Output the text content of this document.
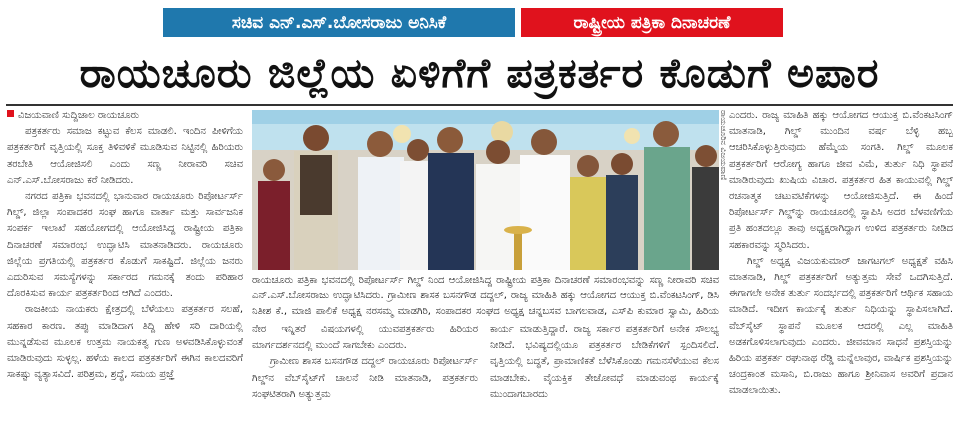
ಸಚಿವ ಎನ್.ಎಸ್.ಬೋಸರಾಜು ಅನಿಸಿಕೆ	ರಾಷ್ಟ್ರೀಯ ಪತ್ರಿಕಾ ದಿನಾಚರಣೆ
ರಾಯಚೂರು ಜಿಲ್ಲೆಯ ಏಳಿಗೆಗೆ ಪತ್ರಕರ್ತರ ಕೊಡುಗೆ ಅಪಾರ

ವಿಜಯವಾಣಿ ಸುದ್ದಿಜಾಲ ರಾಯಚೂರು

ಪತ್ರಕರ್ತರು ಸಮಾಜ ಕಟ್ಟುವ ಕೆಲಸ ಮಾಡಲಿ. ಇಂದಿನ ಪೀಳಿಗೆಯ ಪತ್ರಕರ್ತರಿಗೆ ವೃತ್ತಿಯಲ್ಲಿ ಸೂಕ್ತ ತಿಳಿವಳಿಕೆ ಮೂಡಿಸುವ ನಿಟ್ಟಿನಲ್ಲಿ ಹಿರಿಯರು ತರಬೇತಿ ಆಯೋಜಿಸಲಿ ಎಂದು ಸಣ್ಣ ನೀರಾವರಿ ಸಚಿವ ಎನ್.ಎಸ್.ಬೋಸರಾಜು ಕರೆ ನೀಡಿದರು.

ನಗರದ ಪತ್ರಿಕಾ ಭವನದಲ್ಲಿ ಭಾನುವಾರ ರಾಯಚೂರು ರಿಪೋರ್ಟರ್ಸ್ ಗಿಲ್ಡ್, ಜಿಲ್ಲಾ ಸಂಪಾದಕರ ಸಂಘ ಹಾಗೂ ವಾರ್ತಾ ಮತ್ತು ಸಾರ್ವಜನಿಕ ಸಂಪರ್ಕ ಇಲಾಖೆ ಸಹಯೋಗದಲ್ಲಿ ಆಯೋಜಿಸಿದ್ದ ರಾಷ್ಟ್ರೀಯ ಪತ್ರಿಕಾ ದಿನಾಚರಣೆ ಸಮಾರಂಭ ಉದ್ಘಾಟಿಸಿ ಮಾತನಾಡಿದರು. ರಾಯಚೂರು ಜಿಲ್ಲೆಯ ಪ್ರಗತಿಯಲ್ಲಿ ಪತ್ರಕರ್ತರ ಕೊಡುಗೆ ಸಾಕಷ್ಟಿದೆ. ಜಿಲ್ಲೆಯ ಜನರು ಎದುರಿಸುವ ಸಮಸ್ಯೆಗಳನ್ನು ಸರ್ಕಾರದ ಗಮನಕ್ಕೆ ತಂದು ಪರಿಹಾರ ದೊರಕಿಸುವ ಕಾರ್ಯ ಪತ್ರಕರ್ತರಿಂದ ಆಗಿದೆ ಎಂದರು.

ರಾಜಕೀಯ ನಾಯಕರು ಕ್ಷೇತ್ರದಲ್ಲಿ ಬೆಳೆಯಲು ಪತ್ರಕರ್ತರ ಸಲಹೆ, ಸಹಕಾರ ಕಾರಣ. ತಪ್ಪು ಮಾಡಿದಾಗ ತಿದ್ದಿ ಹೇಳಿ ಸರಿ ದಾರಿಯಲ್ಲಿ ಮುನ್ನಡೆಸುವ ಮೂಲಕ ಉತ್ತಮ ನಾಯಕತ್ವ ಗುಣ ಅಳವಡಿಸಿಕೊಳ್ಳುವಂತೆ ಮಾಡಿರುವುದು ಸುಳ್ಳಲ್ಲ. ಹಳೆಯ ಕಾಲದ ಪತ್ರಕರ್ತರಿಗೆ ಈಗಿನ ಕಾಲದವರಿಗೆ ಸಾಕಷ್ಟು ವ್ಯತ್ಯಾಸವಿದೆ. ಪರಿಶ್ರಮ, ಶ್ರದ್ಧೆ, ಸಮಯ ಪ್ರಜ್ಞೆ

ರಾಯಚೂರಿನ ವಿಜಯವಾಣಿ
ರಾಯಚೂರು ಪತ್ರಿಕಾ ಭವನದಲ್ಲಿ ರಿಪೋರ್ಟರ್ಸ್ ಗಿಲ್ಡ್ ನಿಂದ ಆಯೋಜಿಸಿದ್ದ ರಾಷ್ಟ್ರೀಯ ಪತ್ರಿಕಾ ದಿನಾಚರಣೆ ಸಮಾರಂಭವನ್ನು ಸಣ್ಣ ನೀರಾವರಿ ಸಚಿವ ಎನ್.ಎಸ್.ಬೋಸರಾಜು ಉದ್ಘಾಟಿಸಿದರು. ಗ್ರಾಮೀಣ ಶಾಸಕ ಬಸನಗೌಡ ದದ್ದಲ್, ರಾಜ್ಯ ಮಾಹಿತಿ ಹಕ್ಕು ಆಯೋಗದ ಆಯುಕ್ತ ಬಿ.ವೆಂಕಟಸಿಂಗ್, ಡಿಸಿ ನಿತೀಶ ಕೆ., ಮಾಜಿ ಪಾಲಿಕೆ ಅಧ್ಯಕ್ಷ ನರಸಮ್ಮ ಮಾಡಗಿರಿ, ಸಂಪಾದಕರ ಸಂಘದ ಅಧ್ಯಕ್ಷ ಚನ್ನಬಸವ ಬಾಗಲವಾಡ, ಎಸ್‌ಪಿ ಕುಮಾರ ಸ್ವಾಮಿ, ಹಿರಿಯ

ನೇರ ಇನ್ನಿತರೆ ವಿಷಯಗಳಲ್ಲಿ ಯುವಪತ್ರಕರ್ತರು ಹಿರಿಯರ ಮಾರ್ಗದರ್ಶನದಲ್ಲಿ ಮುಂದೆ ಸಾಗಬೇಕು ಎಂದರು.

ಗ್ರಾಮೀಣ ಶಾಸಕ ಬಸನಗೌಡ ದದ್ದಲ್ ರಾಯಚೂರು ರಿಪೋರ್ಟರ್ಸ್ ಗಿಲ್ಡ್‌ನ ವೆಬ್‌ಸೈಟ್‌ಗೆ ಚಾಲನೆ ನೀಡಿ ಮಾತನಾಡಿ, ಪತ್ರಕರ್ತರು ಸಂಘಟಿತರಾಗಿ ಅತ್ಯುತ್ತಮ

ಕಾರ್ಯ ಮಾಡುತ್ತಿದ್ದಾರೆ. ರಾಜ್ಯ ಸರ್ಕಾರ ಪತ್ರಕರ್ತರಿಗೆ ಅನೇಕ ಸೌಲಭ್ಯ ನೀಡಿದೆ. ಭವಿಷ್ಯದಲ್ಲಿಯೂ ಪತ್ರಕರ್ತರ ಬೇಡಿಕೆಗಳಿಗೆ ಸ್ಪಂದಿಸಲಿದೆ. ವೃತ್ತಿಯಲ್ಲಿ ಬದ್ಧತೆ, ಪ್ರಾಮಾಣಿಕತೆ ಬೆಳೆಸಿಕೊಂಡು ಗಮನಸೆಳೆಯುವ ಕೆಲಸ ಮಾಡಬೇಕು. ವೈಯಕ್ತಿಕ ತೇಜೋವಧೆ ಮಾಡುವಂಥ ಕಾರ್ಯಕ್ಕೆ ಮುಂದಾಗಬಾರದು

ಎಂದರು. ರಾಜ್ಯ ಮಾಹಿತಿ ಹಕ್ಕು ಆಯೋಗದ ಆಯುಕ್ತ ಬಿ.ವೆಂಕಟಸಿಂಗ್ ಮಾತನಾಡಿ, ಗಿಲ್ಡ್ ಮುಂದಿನ ವರ್ಷ ಬೆಳ್ಳಿ ಹಬ್ಬ ಆಚರಿಸಿಕೊಳ್ಳುತ್ತಿರುವುದು ಹೆಮ್ಮೆಯ ಸಂಗತಿ. ಗಿಲ್ಡ್ ಮೂಲಕ ಪತ್ರಕರ್ತರಿಗೆ ಆರೋಗ್ಯ ಹಾಗೂ ಜೀವ ವಿಮೆ, ತುರ್ತು ನಿಧಿ ಸ್ಥಾಪನೆ ಮಾಡಿರುವುದು ಖುಷಿಯ ವಿಚಾರ. ಪತ್ರಕರ್ತರ ಹಿತ ಕಾಯುವಲ್ಲಿ ಗಿಲ್ಡ್ ರಚನಾತ್ಮಕ ಚಟುವಟಿಕೆಗಳನ್ನು ಆಯೋಜಿಸುತ್ತಿದೆ. ಈ ಹಿಂದೆ ರಿಪೋರ್ಟರ್ಸ್ ಗಿಲ್ಡ್‌ನ್ನು ರಾಯಚೂರಲ್ಲಿ ಸ್ಥಾಪಿಸಿ ಅದರ ಬೆಳವಣಿಗೆಯ ಪ್ರತಿ ಹಂತದಲ್ಲೂ ತಾವು ಅಧ್ಯಕ್ಷರಾಗಿದ್ದಾಗ ಉಳಿದ ಪತ್ರಕರ್ತರು ನೀಡಿದ ಸಹಕಾರವನ್ನು ಸ್ಮರಿಸಿದರು.

ಗಿಲ್ಡ್ ಅಧ್ಯಕ್ಷ ವಿಜಯಕುಮಾರ್ ಜಾಗಟಗಲ್ ಅಧ್ಯಕ್ಷತೆ ವಹಿಸಿ ಮಾತನಾಡಿ, ಗಿಲ್ಡ್ ಪತ್ರಕರ್ತರಿಗೆ ಅತ್ಯುತ್ತಮ ಸೇವೆ ಒದಗಿಸುತ್ತಿದೆ. ಈಗಾಗಲೇ ಅನೇಕ ತುರ್ತು ಸಂದರ್ಭದಲ್ಲಿ ಪತ್ರಕರ್ತರಿಗೆ ಆರ್ಥಿಕ ಸಹಾಯ ಮಾಡಿದೆ. ಇದೀಗ ಕಾರ್ಯಕ್ಕೆ ತುರ್ತು ನಿಧಿಯನ್ನು ಸ್ಥಾಪಿಸಲಾಗಿದೆ. ವೆಬ್‌ಸೈಟ್ ಸ್ಥಾಪನೆ ಮೂಲಕ ಆದರಲ್ಲಿ ಎಲ್ಲ ಮಾಹಿತಿ ಅಡಕಗೊಳಿಸಲಾಗುವುದು ಎಂದರು. ಜೀವಮಾನ ಸಾಧನೆ ಪ್ರಶಸ್ತಿಯನ್ನು ಹಿರಿಯ ಪತ್ರಕರ್ತ ರಘುನಾಥ ರೆಡ್ಡಿ ಮನ್ನೆಲಾವುರ, ವಾರ್ಷಿಕ ಪ್ರಶಸ್ತಿಯನ್ನು ಚಂದ್ರಕಾಂತ ಮಸಾನಿ, ಬಿ.ರಾಜು ಹಾಗೂ ಶ್ರೀನಿವಾಸ ಅವರಿಗೆ ಪ್ರದಾನ ಮಾಡಲಾಯಿತು.
